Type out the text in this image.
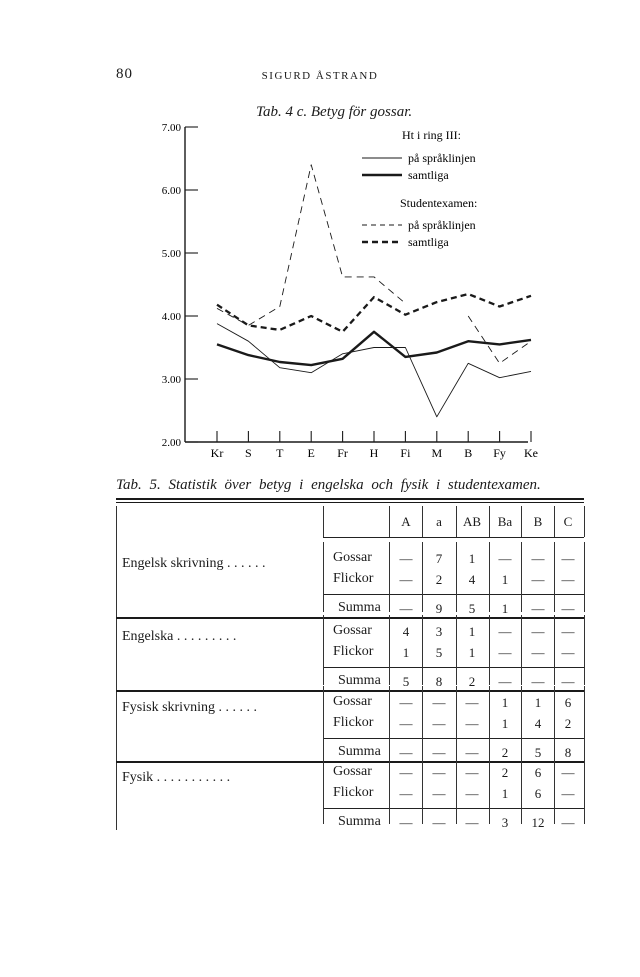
80	SIGURD ÅSTRAND
Tab. 4 c. Betyg för gossar.
2.00
3.00
4.00
5.00
6.00
7.00
Kr S T E Fr H Fi M B Fy Ke
Ht i ring III:
på språklinjen
samtliga
Studentexamen:
på språklinjen
samtliga
Tab. 5. Statistik över betyg i engelska och fysik i studentexamen.
A	a	AB	Ba	B	C
Engelsk skrivning . . . . . .	Gossar	—	7	1	—	—	—
Flickor	—	2	4	1	—	—
Summa	—	9	5	1	—	—
Engelska . . . . . . . . .	Gossar	4	3	1	—	—	—
Flickor	1	5	1	—	—	—
Summa	5	8	2	—	—	—
Fysisk skrivning . . . . . .	Gossar	—	—	—	1	1	6
Flickor	—	—	—	1	4	2
Summa	—	—	—	2	5	8
Fysik . . . . . . . . . . .	Gossar	—	—	—	2	6	—
Flickor	—	—	—	1	6	—
Summa	—	—	—	3	12	—
